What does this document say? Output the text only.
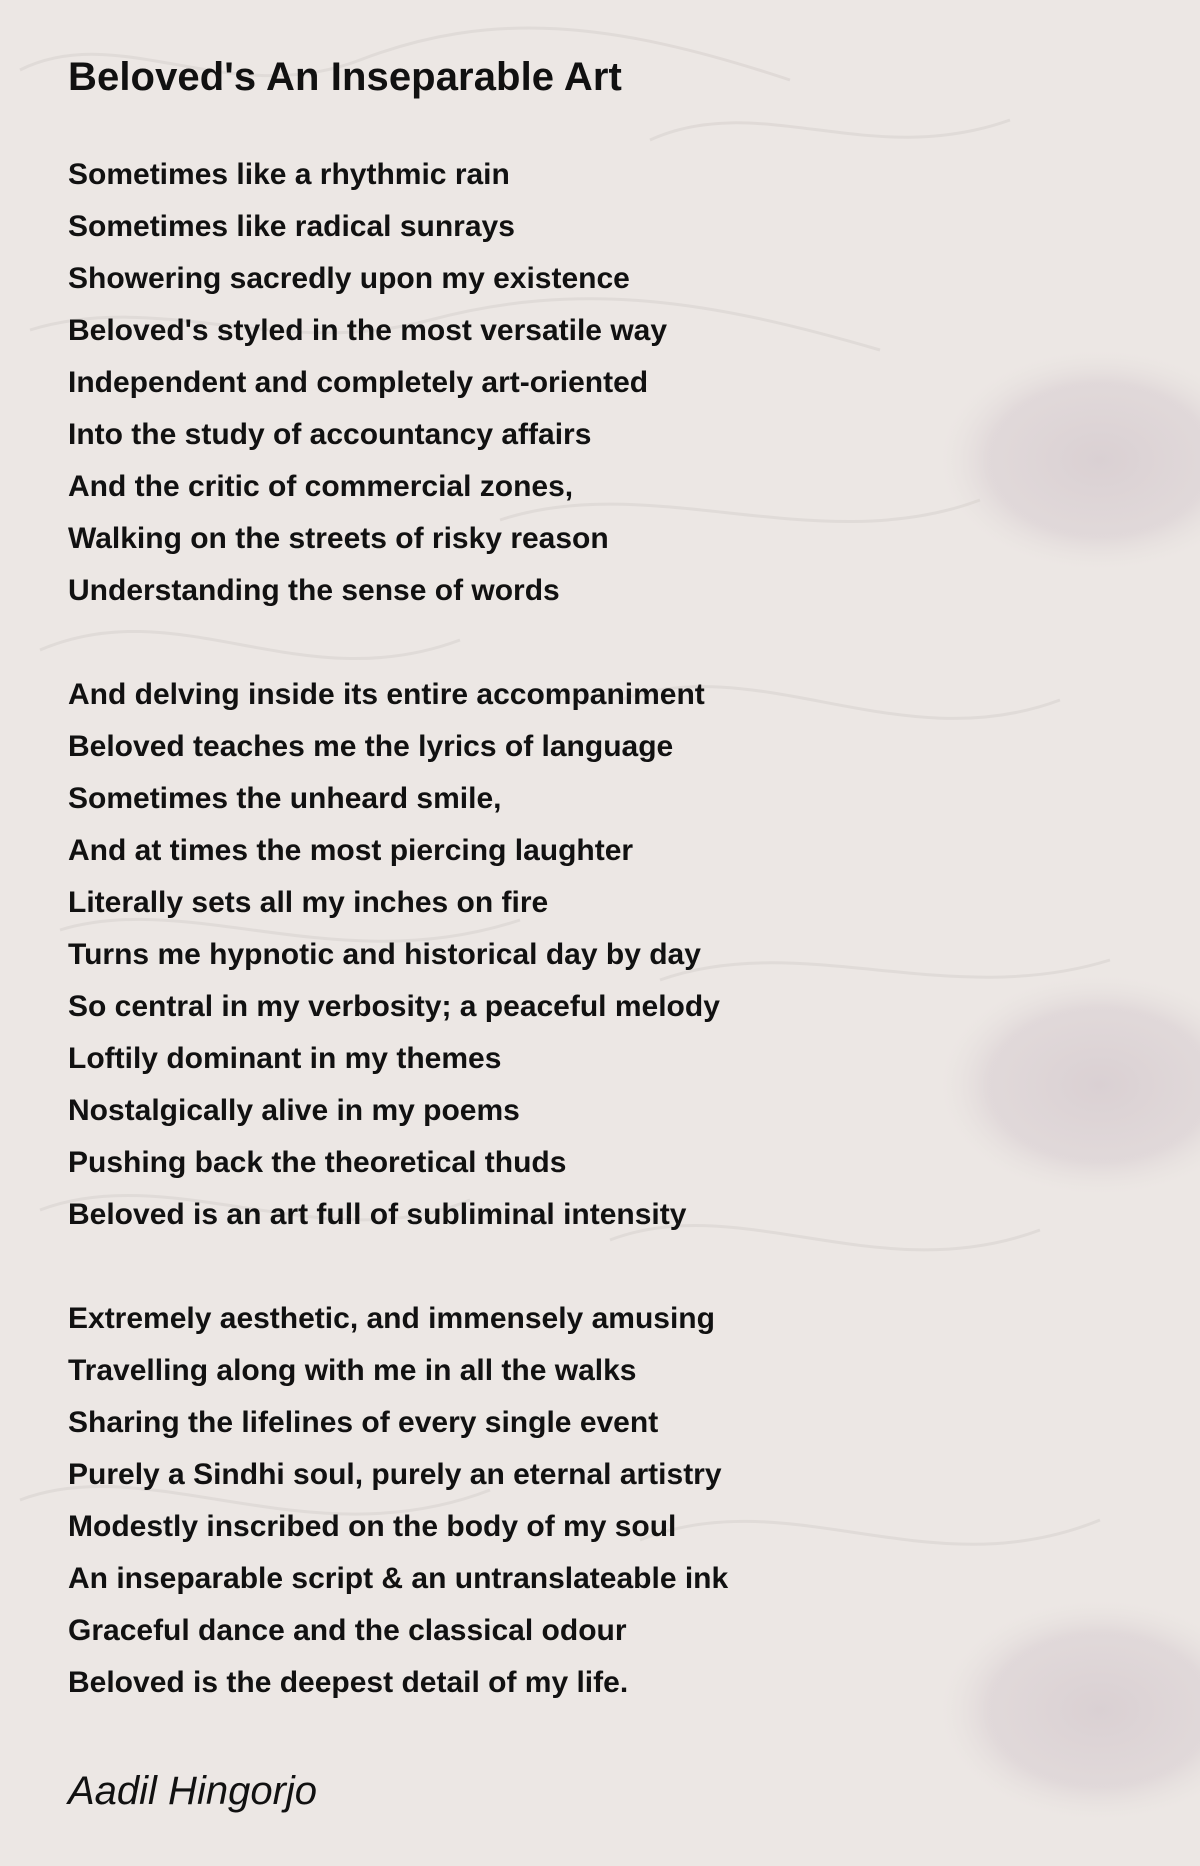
Beloved's An Inseparable Art
Sometimes like a rhythmic rain
Sometimes like radical sunrays
Showering sacredly upon my existence
Beloved's styled in the most versatile way
Independent and completely art-oriented
Into the study of accountancy affairs
And the critic of commercial zones,
Walking on the streets of risky reason
Understanding the sense of words
And delving inside its entire accompaniment
Beloved teaches me the lyrics of language
Sometimes the unheard smile,
And at times the most piercing laughter
Literally sets all my inches on fire
Turns me hypnotic and historical day by day
So central in my verbosity; a peaceful melody
Loftily dominant in my themes
Nostalgically alive in my poems
Pushing back the theoretical thuds
Beloved is an art full of subliminal intensity
Extremely aesthetic, and immensely amusing
Travelling along with me in all the walks
Sharing the lifelines of every single event
Purely a Sindhi soul, purely an eternal artistry
Modestly inscribed on the body of my soul
An inseparable script & an untranslateable ink
Graceful dance and the classical odour
Beloved is the deepest detail of my life.
Aadil Hingorjo
